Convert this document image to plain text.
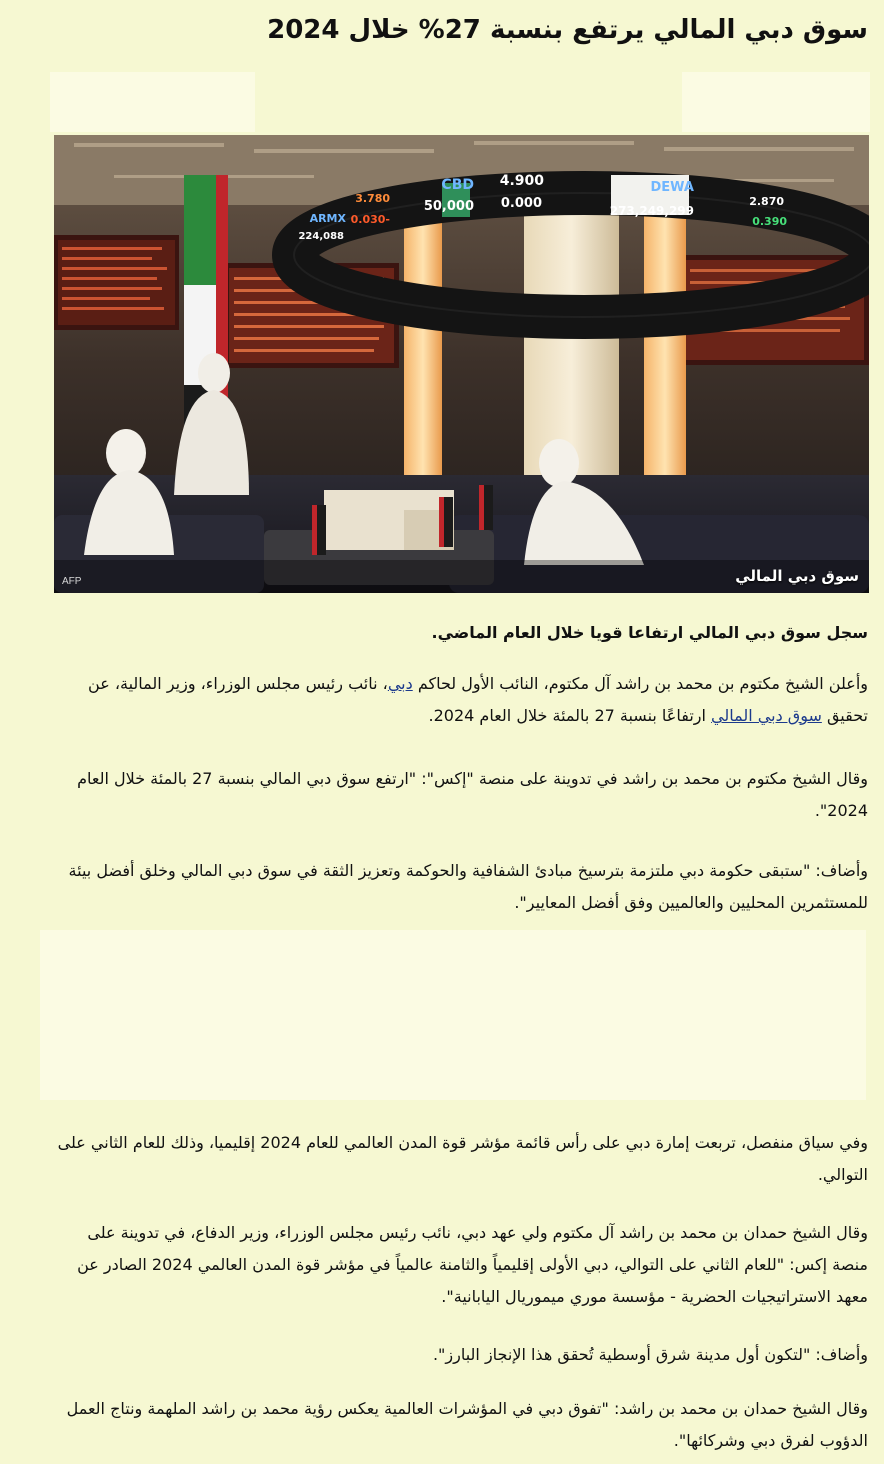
سوق دبي المالي يرتفع بنسبة 27% خلال 2024
ARMX
3.780
224,088
-0.030
CBD 4.900
50,000 0.000
DEWA
273,249,299
2.870
0.390
سوق دبي المالي
AFP

سجل سوق دبي المالي ارتفاعا قويا خلال العام الماضي.

وأعلن الشيخ مكتوم بن محمد بن راشد آل مكتوم، النائب الأول لحاكم دبي، نائب رئيس مجلس الوزراء، وزير المالية، عن تحقيق سوق دبي المالي ارتفاعًا بنسبة 27 بالمئة خلال العام 2024.

وقال الشيخ مكتوم بن محمد بن راشد في تدوينة على منصة "إكس": "ارتفع سوق دبي المالي بنسبة 27 بالمئة خلال العام 2024".

وأضاف: "ستبقى حكومة دبي ملتزمة بترسيخ مبادئ الشفافية والحوكمة وتعزيز الثقة في سوق دبي المالي وخلق أفضل بيئة للمستثمرين المحليين والعالميين وفق أفضل المعايير".

وفي سياق منفصل، تربعت إمارة دبي على رأس قائمة مؤشر قوة المدن العالمي للعام 2024 إقليميا، وذلك للعام الثاني على التوالي.

وقال الشيخ حمدان بن محمد بن راشد آل مكتوم ولي عهد دبي، نائب رئيس مجلس الوزراء، وزير الدفاع، في تدوينة على منصة إكس: "للعام الثاني على التوالي، دبي الأولى إقليمياً والثامنة عالمياً في مؤشر قوة المدن العالمي 2024 الصادر عن معهد الاستراتيجيات الحضرية - مؤسسة موري ميموريال اليابانية".

وأضاف: "لتكون أول مدينة شرق أوسطية تُحقق هذا الإنجاز البارز".

وقال الشيخ حمدان بن محمد بن راشد: "تفوق دبي في المؤشرات العالمية يعكس رؤية محمد بن راشد الملهمة ونتاج العمل الدؤوب لفرق دبي وشركائها".
